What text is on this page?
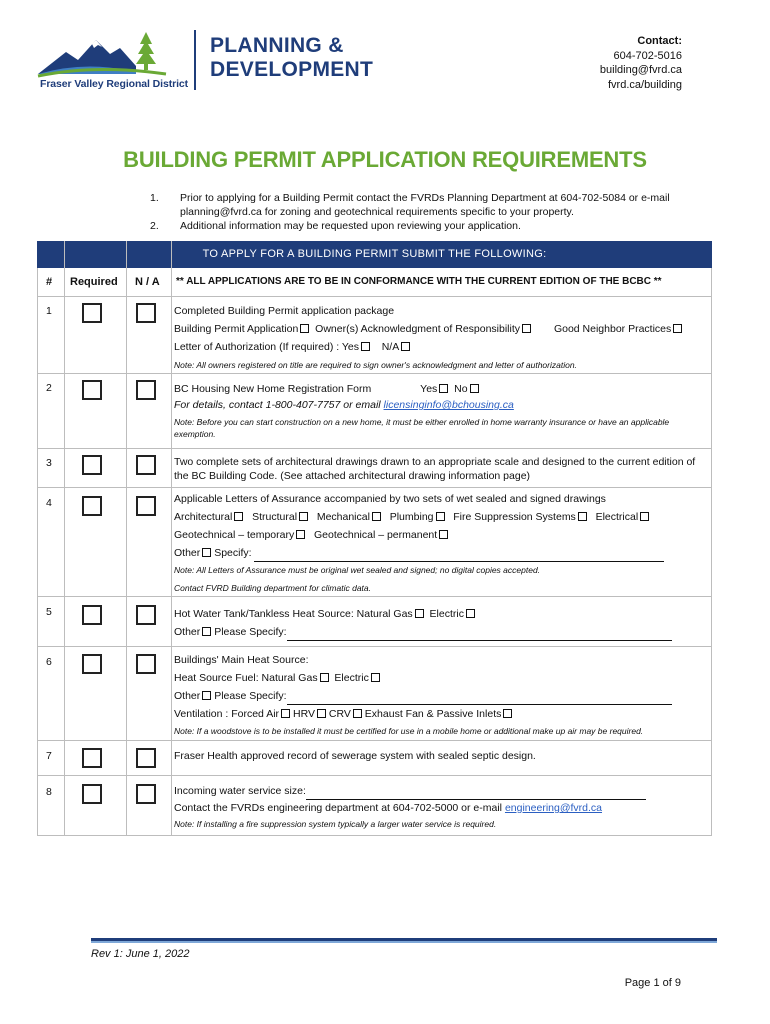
Fraser Valley Regional District
PLANNING &
DEVELOPMENT
Contact:
604-702-5016
building@fvrd.ca
fvrd.ca/building
BUILDING PERMIT APPLICATION REQUIREMENTS
1.	Prior to applying for a Building Permit contact the FVRDs Planning Department at 604-702-5084 or e-mail planning@fvrd.ca for zoning and geotechnical requirements specific to your property.
2.	Additional information may be requested upon reviewing your application.
TO APPLY FOR A BUILDING PERMIT SUBMIT THE FOLLOWING:
# Required N / A ** ALL APPLICATIONS ARE TO BE IN CONFORMANCE WITH THE CURRENT EDITION OF THE BCBC **
1	Completed Building Permit application package
Building Permit Application Owner(s) Acknowledgment of Responsibility	Good Neighbor Practices
Letter of Authorization (If required) : Yes N/A
Note: All owners registered on title are required to sign owner's acknowledgment and letter of authorization.
2	BC Housing New Home Registration Form	Yes No
For details, contact 1-800-407-7757 or email licensinginfo@bchousing.ca
Note: Before you can start construction on a new home, it must be either enrolled in home warranty insurance or have an applicable exemption.
3	Two complete sets of architectural drawings drawn to an appropriate scale and designed to the current edition of the BC Building Code. (See attached architectural drawing information page)
4	Applicable Letters of Assurance accompanied by two sets of wet sealed and signed drawings
Architectural Structural Mechanical Plumbing Fire Suppression Systems Electrical
Geotechnical – temporary Geotechnical – permanent
Other Specify:
Note: All Letters of Assurance must be original wet sealed and signed; no digital copies accepted.
Contact FVRD Building department for climatic data.
5	Hot Water Tank/Tankless Heat Source: Natural Gas Electric
Other Please Specify:
6	Buildings' Main Heat Source:
Heat Source Fuel: Natural Gas Electric
Other Please Specify:
Ventilation : Forced Air HRV CRV Exhaust Fan & Passive Inlets
Note: If a woodstove is to be installed it must be certified for use in a mobile home or additional make up air may be required.
7	Fraser Health approved record of sewerage system with sealed septic design.
8	Incoming water service size:
Contact the FVRDs engineering department at 604-702-5000 or e-mail engineering@fvrd.ca
Note: If installing a fire suppression system typically a larger water service is required.
Rev 1: June 1, 2022
Page 1 of 9
